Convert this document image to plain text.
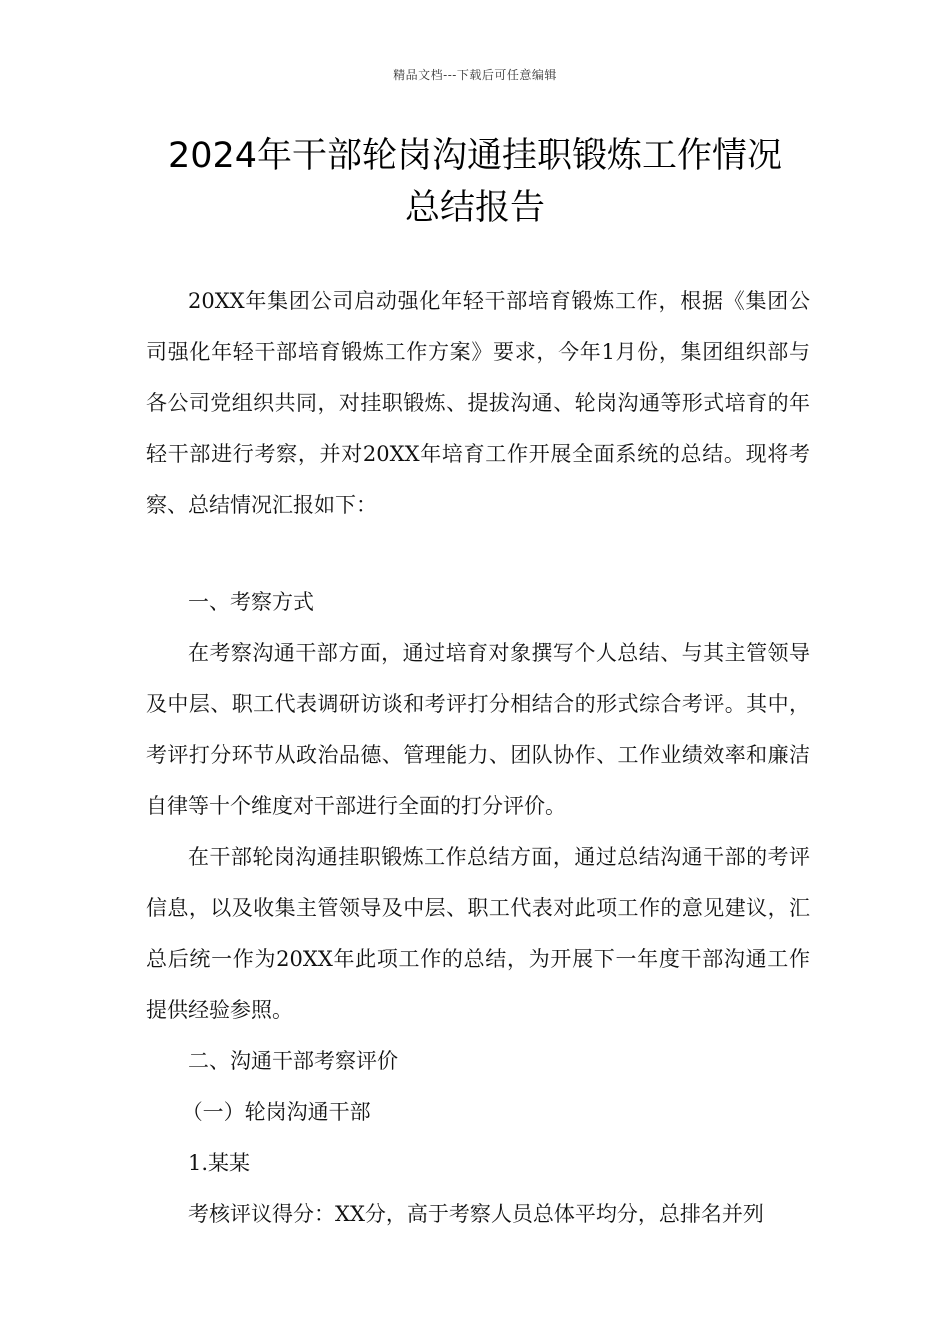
精品文档---下载后可任意编辑
2024年干部轮岗沟通挂职锻炼工作情况
总结报告

20XX年集团公司启动强化年轻干部培育锻炼工作，根据《集团公司强化年轻干部培育锻炼工作方案》要求，今年1月份，集团组织部与各公司党组织共同，对挂职锻炼、提拔沟通、轮岗沟通等形式培育的年轻干部进行考察，并对20XX年培育工作开展全面系统的总结。现将考察、总结情况汇报如下：

一、考察方式

在考察沟通干部方面，通过培育对象撰写个人总结、与其主管领导及中层、职工代表调研访谈和考评打分相结合的形式综合考评。其中，考评打分环节从政治品德、管理能力、团队协作、工作业绩效率和廉洁自律等十个维度对干部进行全面的打分评价。

在干部轮岗沟通挂职锻炼工作总结方面，通过总结沟通干部的考评信息，以及收集主管领导及中层、职工代表对此项工作的意见建议，汇总后统一作为20XX年此项工作的总结，为开展下一年度干部沟通工作提供经验参照。

二、沟通干部考察评价

（一）轮岗沟通干部

1.某某

考核评议得分：XX分，高于考察人员总体平均分，总排名并列
